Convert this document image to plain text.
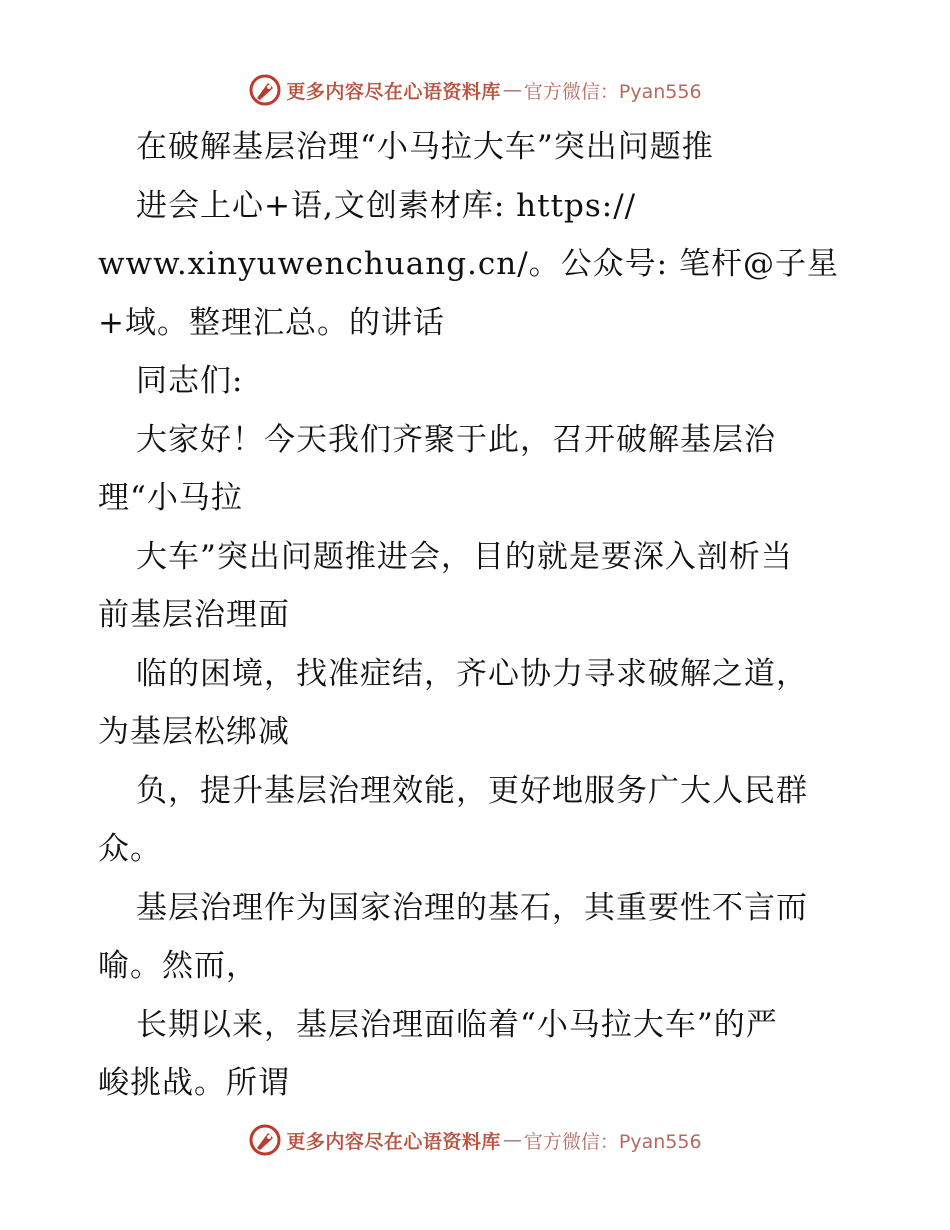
更多内容尽在心语资料库 — 官方微信：Pyan556
在破解基层治理“小马拉大车”突出问题推
进会上心+语,文创素材库: https://
www.xinyuwenchuang.cn/。公众号: 笔杆@子星
+域。整理汇总。的讲话
同志们:
大家好！今天我们齐聚于此，召开破解基层治
理“小马拉
大车”突出问题推进会，目的就是要深入剖析当
前基层治理面
临的困境，找准症结，齐心协力寻求破解之道，
为基层松绑减
负，提升基层治理效能，更好地服务广大人民群
众。
基层治理作为国家治理的基石，其重要性不言而
喻。然而，
长期以来，基层治理面临着“小马拉大车”的严
峻挑战。所谓
更多内容尽在心语资料库 — 官方微信：Pyan556
